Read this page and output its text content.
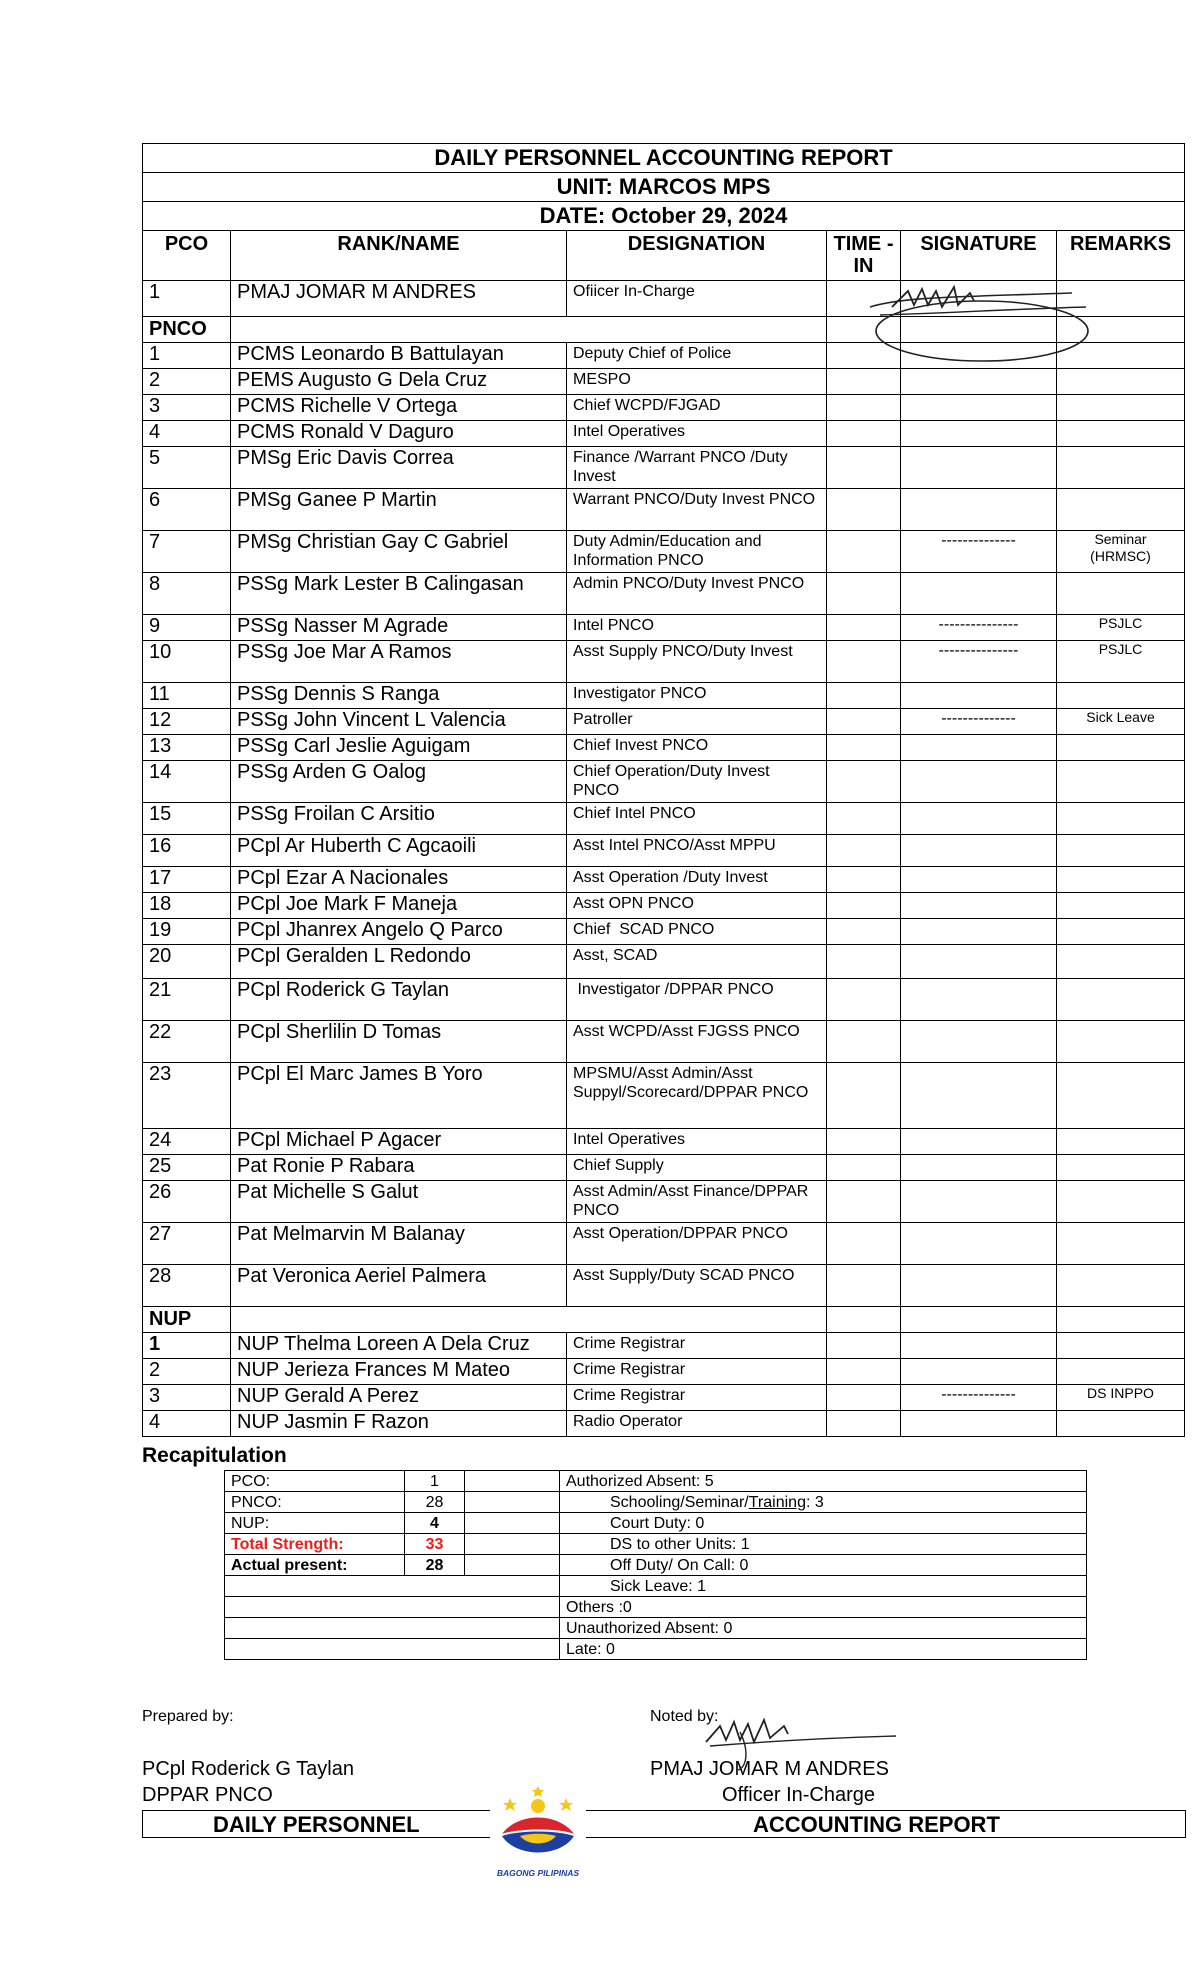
DAILY PERSONNEL ACCOUNTING REPORT					
UNIT: MARCOS MPS					
DATE: October 29, 2024					
PCO	RANK/NAME	DESIGNATION	TIME -IN	SIGNATURE	REMARKS
1	PMAJ JOMAR M ANDRES	Ofiicer In-Charge			
PNCO					
1	PCMS Leonardo B Battulayan	Deputy Chief of Police			
2	PEMS Augusto G Dela Cruz	MESPO			
3	PCMS Richelle V Ortega	Chief WCPD/FJGAD			
4	PCMS Ronald V Daguro	Intel Operatives			
5	PMSg Eric Davis Correa	Finance /Warrant PNCO /Duty Invest			
6	PMSg Ganee P Martin	Warrant PNCO/Duty Invest PNCO			
7	PMSg Christian Gay C Gabriel	Duty Admin/Education and Information PNCO		--------------	Seminar (HRMSC)
8	PSSg Mark Lester B Calingasan	Admin PNCO/Duty Invest PNCO			
9	PSSg Nasser M Agrade	Intel PNCO		---------------	PSJLC
10	PSSg Joe Mar A Ramos	Asst Supply PNCO/Duty Invest		---------------	PSJLC
11	PSSg Dennis S Ranga	Investigator PNCO			
12	PSSg John Vincent L Valencia	Patroller		--------------	Sick Leave
13	PSSg Carl Jeslie Aguigam	Chief Invest PNCO			
14	PSSg Arden G Oalog	Chief Operation/Duty Invest PNCO			
15	PSSg Froilan C Arsitio	Chief Intel PNCO			
16	PCpl Ar Huberth C Agcaoili	Asst Intel PNCO/Asst MPPU			
17	PCpl Ezar A Nacionales	Asst Operation /Duty Invest			
18	PCpl Joe Mark F Maneja	Asst OPN PNCO			
19	PCpl Jhanrex Angelo Q Parco	Chief  SCAD PNCO			
20	PCpl Geralden L Redondo	Asst, SCAD			
21	PCpl Roderick G Taylan	Investigator /DPPAR PNCO			
22	PCpl Sherlilin D Tomas	Asst WCPD/Asst FJGSS PNCO			
23	PCpl El Marc James B Yoro	MPSMU/Asst Admin/Asst Suppyl/Scorecard/DPPAR PNCO			
24	PCpl Michael P Agacer	Intel Operatives			
25	Pat Ronie P Rabara	Chief Supply			
26	Pat Michelle S Galut	Asst Admin/Asst Finance/DPPAR PNCO			
27	Pat Melmarvin M Balanay	Asst Operation/DPPAR PNCO			
28	Pat Veronica Aeriel Palmera	Asst Supply/Duty SCAD PNCO			
NUP					
1	NUP Thelma Loreen A Dela Cruz	Crime Registrar			
2	NUP Jerieza Frances M Mateo	Crime Registrar			
3	NUP Gerald A Perez	Crime Registrar		--------------	DS INPPO
4	NUP Jasmin F Razon	Radio Operator			
Recapitulation
PCO:	1		Authorized Absent: 5
PNCO:	28		Schooling/Seminar/Training: 3
NUP:	4		Court Duty: 0
Total Strength:	33		DS to other Units: 1
Actual present:	28		Off Duty/ On Call: 0
			Sick Leave: 1
			Others :0
			Unauthorized Absent: 0
			Late: 0
Prepared by:
PCpl Roderick G Taylan
DPPAR PNCO
Noted by:
PMAJ JOMAR M ANDRES
Officer In-Charge
DAILY PERSONNEL	ACCOUNTING REPORT
BAGONG PILIPINAS
